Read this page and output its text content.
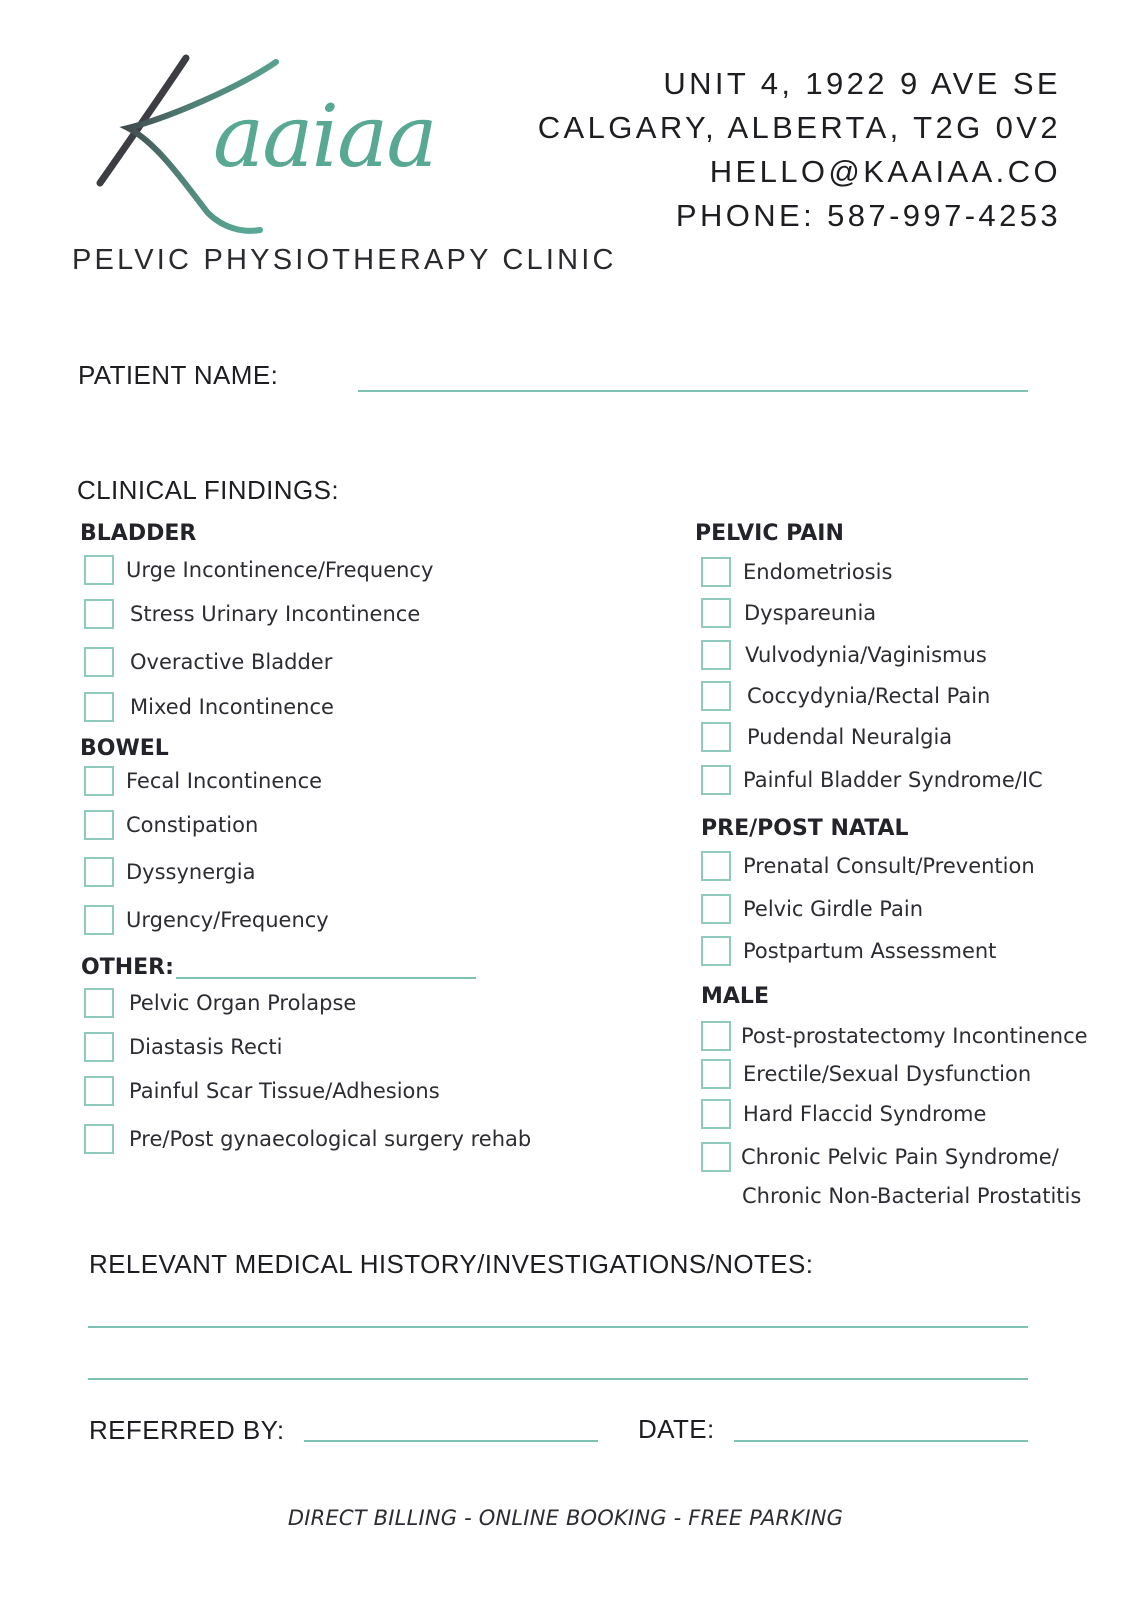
aaiaa
PELVIC PHYSIOTHERAPY CLINIC
UNIT 4, 1922 9 AVE SE
CALGARY, ALBERTA, T2G 0V2
HELLO@KAAIAA.CO
PHONE: 587-997-4253
PATIENT NAME:
CLINICAL FINDINGS:
BLADDER
Urge Incontinence/Frequency
Stress Urinary Incontinence
Overactive Bladder
Mixed Incontinence
BOWEL
Fecal Incontinence
Constipation
Dyssynergia
Urgency/Frequency
OTHER:
Pelvic Organ Prolapse
Diastasis Recti
Painful Scar Tissue/Adhesions
Pre/Post gynaecological surgery rehab
PELVIC PAIN
Endometriosis
Dyspareunia
Vulvodynia/Vaginismus
Coccydynia/Rectal Pain
Pudendal Neuralgia
Painful Bladder Syndrome/IC
PRE/POST NATAL
Prenatal Consult/Prevention
Pelvic Girdle Pain
Postpartum Assessment
MALE
Post-prostatectomy Incontinence
Erectile/Sexual Dysfunction
Hard Flaccid Syndrome
Chronic Pelvic Pain Syndrome/
Chronic Non-Bacterial Prostatitis
RELEVANT MEDICAL HISTORY/INVESTIGATIONS/NOTES:
REFERRED BY:	DATE:
DIRECT BILLING - ONLINE BOOKING - FREE PARKING
